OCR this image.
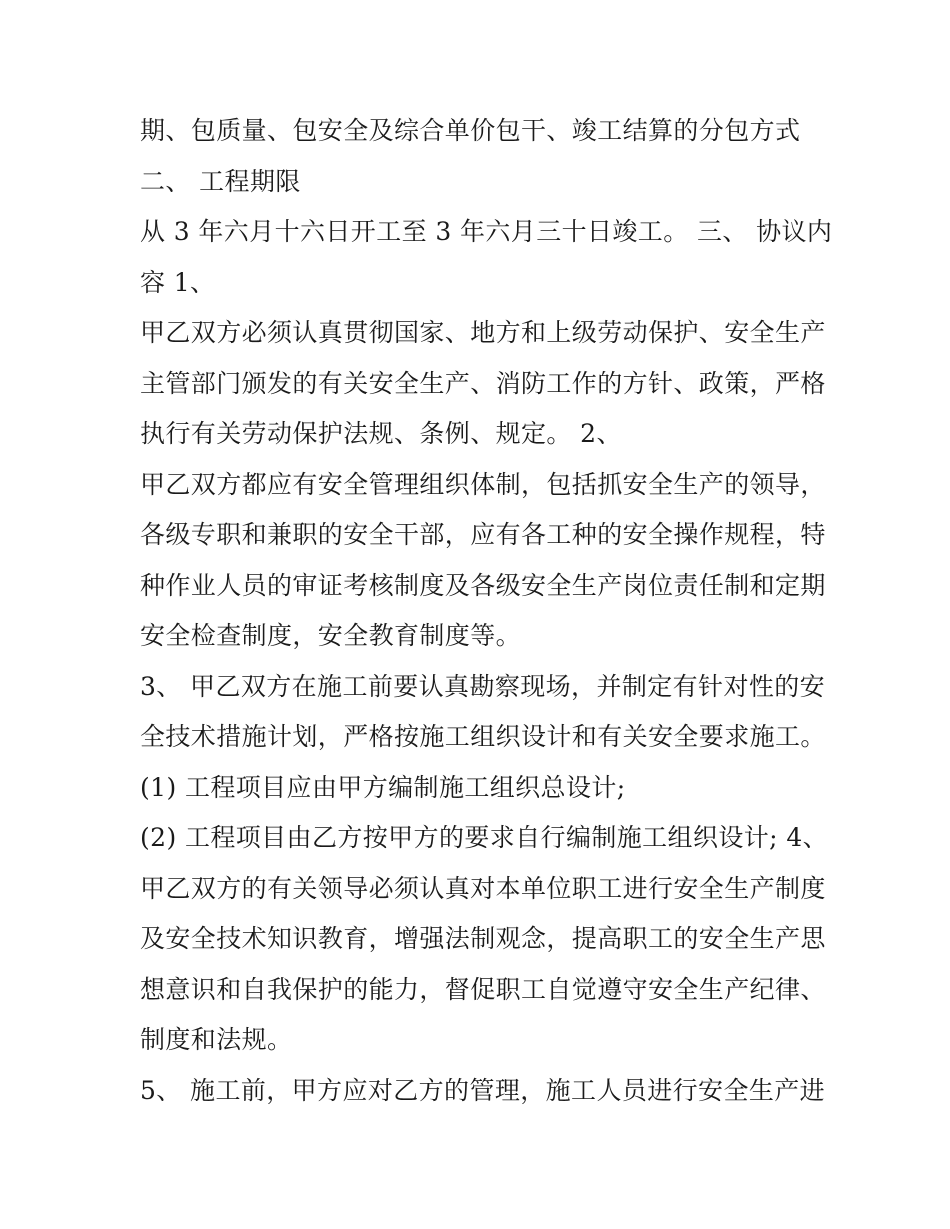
期、包质量、包安全及综合单价包干、竣工结算的分包方式
二、 工程期限
从 3 年六月十六日开工至 3 年六月三十日竣工。 三、 协议内
容 1、
甲乙双方必须认真贯彻国家、地方和上级劳动保护、安全生产
主管部门颁发的有关安全生产、消防工作的方针、政策，严格
执行有关劳动保护法规、条例、规定。 2、
甲乙双方都应有安全管理组织体制，包括抓安全生产的领导，
各级专职和兼职的安全干部，应有各工种的安全操作规程，特
种作业人员的审证考核制度及各级安全生产岗位责任制和定期
安全检查制度，安全教育制度等。
3、 甲乙双方在施工前要认真勘察现场，并制定有针对性的安
全技术措施计划，严格按施工组织设计和有关安全要求施工。
(1) 工程项目应由甲方编制施工组织总设计;
(2) 工程项目由乙方按甲方的要求自行编制施工组织设计; 4、
甲乙双方的有关领导必须认真对本单位职工进行安全生产制度
及安全技术知识教育，增强法制观念，提高职工的安全生产思
想意识和自我保护的能力，督促职工自觉遵守安全生产纪律、
制度和法规。
5、 施工前，甲方应对乙方的管理，施工人员进行安全生产进
